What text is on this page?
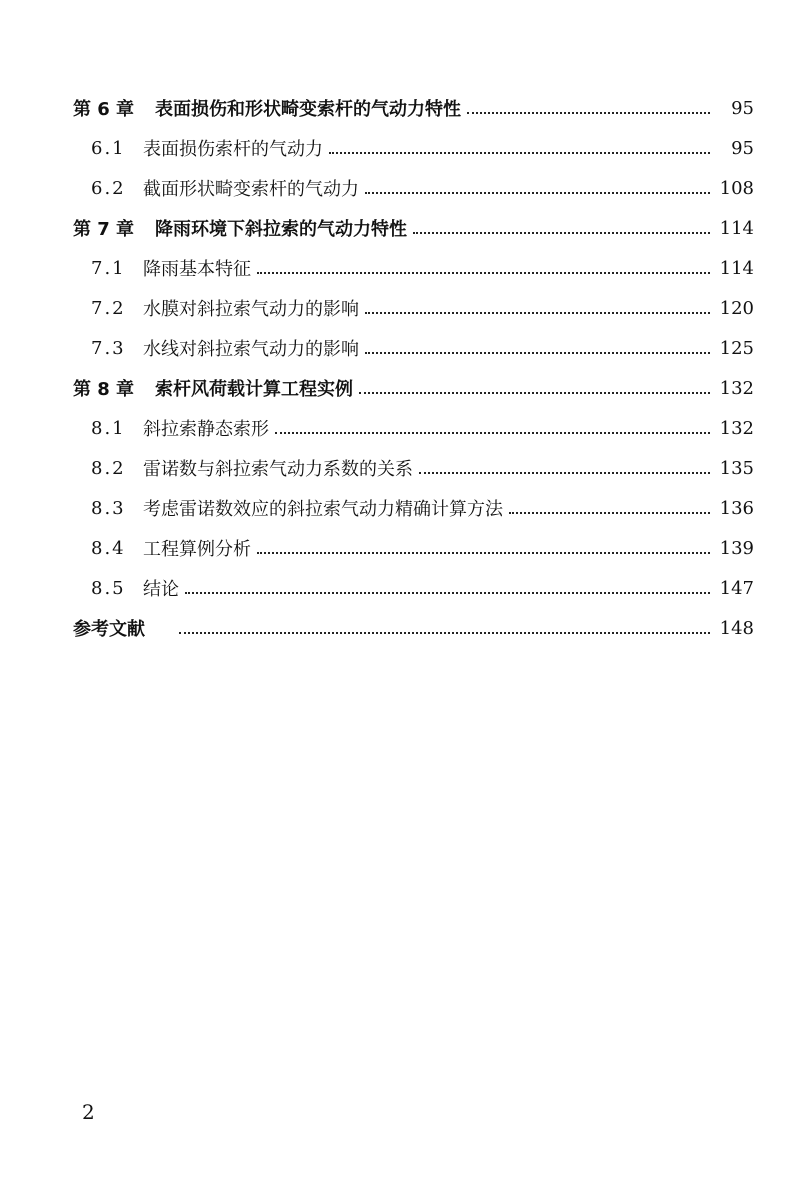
第 6 章	表面损伤和形状畸变索杆的气动力特性	95
6.1 表面损伤索杆的气动力	95
6.2 截面形状畸变索杆的气动力	108
第 7 章	降雨环境下斜拉索的气动力特性	114
7.1 降雨基本特征	114
7.2 水膜对斜拉索气动力的影响	120
7.3 水线对斜拉索气动力的影响	125
第 8 章	索杆风荷载计算工程实例	132
8.1 斜拉索静态索形	132
8.2 雷诺数与斜拉索气动力系数的关系	135
8.3 考虑雷诺数效应的斜拉索气动力精确计算方法	136
8.4 工程算例分析	139
8.5 结论	147
参考文献	148
2
